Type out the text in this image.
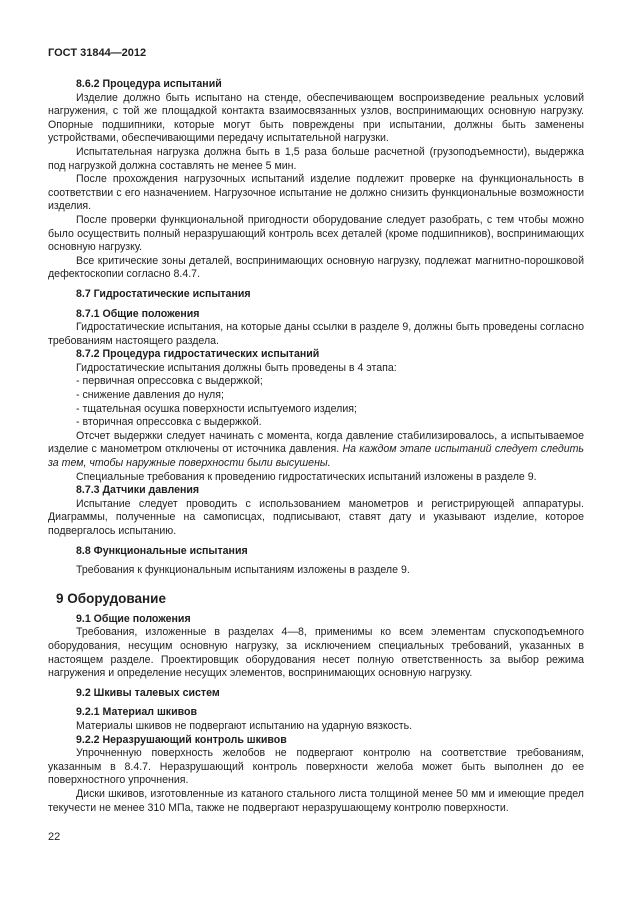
ГОСТ 31844—2012

8.6.2 Процедура испытаний

Изделие должно быть испытано на стенде, обеспечивающем воспроизведение реальных условий нагружения, с той же площадкой контакта взаимосвязанных узлов, воспринимающих основную нагрузку. Опорные подшипники, которые могут быть повреждены при испытании, должны быть заменены устройствами, обеспечивающими передачу испытательной нагрузки.

Испытательная нагрузка должна быть в 1,5 раза больше расчетной (грузоподъемности), выдержка под нагрузкой должна составлять не менее 5 мин.

После прохождения нагрузочных испытаний изделие подлежит проверке на функциональность в соответствии с его назначением. Нагрузочное испытание не должно снизить функциональные возможности изделия.

После проверки функциональной пригодности оборудование следует разобрать, с тем чтобы можно было осуществить полный неразрушающий контроль всех деталей (кроме подшипников), воспринимающих основную нагрузку.

Все критические зоны деталей, воспринимающих основную нагрузку, подлежат магнитно-порошковой дефектоскопии согласно 8.4.7.

8.7 Гидростатические испытания

8.7.1 Общие положения

Гидростатические испытания, на которые даны ссылки в разделе 9, должны быть проведены согласно требованиям настоящего раздела.

8.7.2 Процедура гидростатических испытаний

Гидростатические испытания должны быть проведены в 4 этапа:

- первичная опрессовка с выдержкой;

- снижение давления до нуля;

- тщательная осушка поверхности испытуемого изделия;

- вторичная опрессовка с выдержкой.

Отсчет выдержки следует начинать с момента, когда давление стабилизировалось, а испытываемое изделие с манометром отключены от источника давления. На каждом этапе испытаний следует следить за тем, чтобы наружные поверхности были высушены.

Специальные требования к проведению гидростатических испытаний изложены в разделе 9.

8.7.3 Датчики давления

Испытание следует проводить с использованием манометров и регистрирующей аппаратуры. Диаграммы, полученные на самописцах, подписывают, ставят дату и указывают изделие, которое подвергалось испытанию.

8.8 Функциональные испытания

Требования к функциональным испытаниям изложены в разделе 9.

9 Оборудование

9.1 Общие положения

Требования, изложенные в разделах 4—8, применимы ко всем элементам спускоподъемного оборудования, несущим основную нагрузку, за исключением специальных требований, указанных в настоящем разделе. Проектировщик оборудования несет полную ответственность за выбор режима нагружения и определение несущих элементов, воспринимающих основную нагрузку.

9.2 Шкивы талевых систем

9.2.1 Материал шкивов

Материалы шкивов не подвергают испытанию на ударную вязкость.

9.2.2 Неразрушающий контроль шкивов

Упрочненную поверхность желобов не подвергают контролю на соответствие требованиям, указанным в 8.4.7. Неразрушающий контроль поверхности желоба может быть выполнен до ее поверхностного упрочнения.

Диски шкивов, изготовленные из катаного стального листа толщиной менее 50 мм и имеющие предел текучести не менее 310 МПа, также не подвергают неразрушающему контролю поверхности.

22
